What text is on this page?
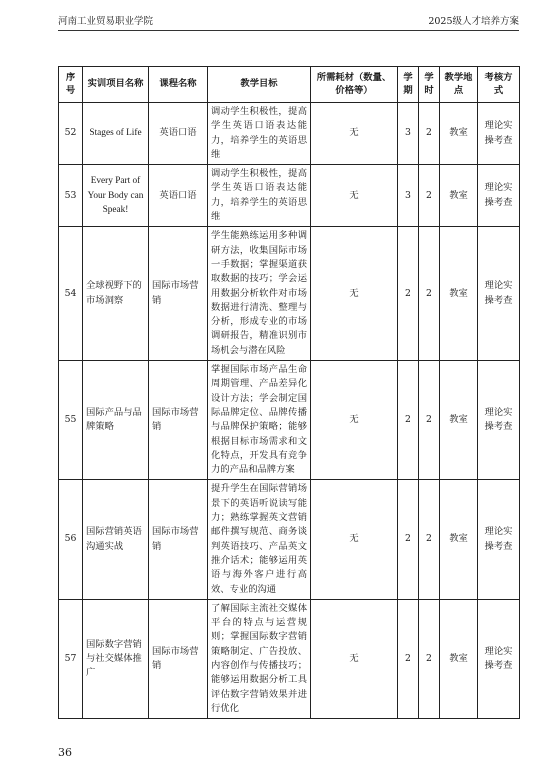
河南工业贸易职业学院	2025级人才培养方案
序号	实训项目名称	课程名称	教学目标	所需耗材（数量、价格等）	学期	学时	教学地点	考核方式
52	Stages of Life	英语口语	调动学生积极性，提高学生英语口语表达能力，培养学生的英语思维	无	3	2	教室	理论实操考查
53	Every Part of Your Body can Speak!	英语口语	调动学生积极性，提高学生英语口语表达能力，培养学生的英语思维	无	3	2	教室	理论实操考查
54	全球视野下的市场洞察	国际市场营销	学生能熟练运用多种调研方法，收集国际市场一手数据；掌握渠道获取数据的技巧；学会运用数据分析软件对市场数据进行清洗、整理与分析，形成专业的市场调研报告，精准识别市场机会与潜在风险	无	2	2	教室	理论实操考查
55	国际产品与品牌策略	国际市场营销	掌握国际市场产品生命周期管理、产品差异化设计方法；学会制定国际品牌定位、品牌传播与品牌保护策略；能够根据目标市场需求和文化特点，开发具有竞争力的产品和品牌方案	无	2	2	教室	理论实操考查
56	国际营销英语沟通实战	国际市场营销	提升学生在国际营销场景下的英语听说读写能力；熟练掌握英文营销邮件撰写规范、商务谈判英语技巧、产品英文推介话术；能够运用英语与海外客户进行高效、专业的沟通	无	2	2	教室	理论实操考查
57	国际数字营销与社交媒体推广	国际市场营销	了解国际主流社交媒体平台的特点与运营规则；掌握国际数字营销策略制定、广告投放、内容创作与传播技巧；能够运用数据分析工具评估数字营销效果并进行优化	无	2	2	教室	理论实操考查
36
